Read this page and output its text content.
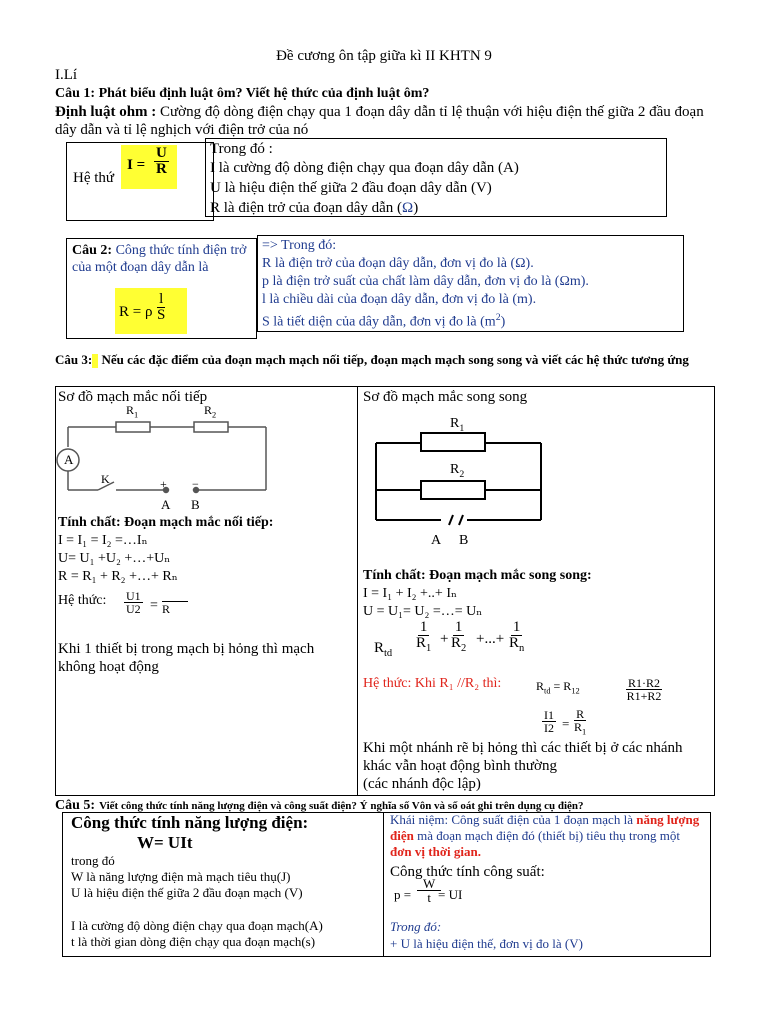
Đề cương ôn tập giữa kì II KHTN 9
I.Lí
Câu 1: Phát biểu định luật ôm? Viết hệ thức của định luật ôm?
Định luật ohm : Cường độ dòng điện chạy qua 1 đoạn dây dẫn tỉ lệ thuận với hiệu điện thế giữa 2 đầu đoạn dây dẫn và tỉ lệ nghịch với điện trở của nó
Hệ thứ
$I = \frac{U}{R}$	Trong đó :
I là cường độ dòng điện chạy qua đoạn dây dẫn (A)
U là hiệu điện thế giữa 2 đầu đoạn dây dẫn (V)
R là điện trở của đoạn dây dẫn (Ω)
Câu 2: Công thức tính điện trở của một đoạn dây dẫn là
R = ρ $\frac{l}{S}$
=> Trong đó:
R là điện trở của đoạn dây dẫn, đơn vị đo là (Ω).
p là điện trở suất của chất làm dây dẫn, đơn vị đo là (Ωm).
l là chiều dài của đoạn dây dẫn, đơn vị đo là (m).
S là tiết diện của dây dẫn, đơn vị đo là $(m^2)$
Câu 3: Nếu các đặc điểm của đoạn mạch mạch nối tiếp, đoạn mạch mạch song song và viết các hệ thức tương ứng
Sơ đồ mạch mắc nối tiếp
$R_1$	$R_2$
A
K	+ −
A B
Tính chất: Đoạn mạch mắc nối tiếp:
I = I₁ = I₂ =…Iₙ
U= U₁ +U₂ +…+Uₙ
R = R₁ + R₂ +…+ Rₙ
Hệ thức: $\frac{U1}{U2} = R$
Khi 1 thiết bị trong mạch bị hỏng thì mạch không hoạt động
Sơ đồ mạch mắc song song
$R_1$
$R_2$
A B
Tính chất: Đoạn mạch mắc song song:
I = I₁ + I₂ +..+ Iₙ
U = U₁= U₂ =…= Uₙ
$R_{td} \frac{1}{R_1} + \frac{1}{R_2}$ +...+ $\frac{1}{R_n}$
Hệ thức: Khi R₁ //R₂ thì:	$R_{td} = R_{12}$	$\frac{R1\cdot R2}{R1+R2}$
$\frac{I1}{I2} = \frac{R}{R_1}$
Khi một nhánh rẽ bị hỏng thì các thiết bị ở các nhánh khác vẫn hoạt động bình thường
(các nhánh độc lập)
Câu 5: Viết công thức tính năng lượng điện và công suất điện? Ý nghĩa số Vôn và số oát ghi trên dụng cụ điện?
Công thức tính năng lượng điện:
W= UIt
trong đó
W là năng lượng điện mà mạch tiêu thụ(J)
U là hiệu điện thế giữa 2 đầu đoạn mạch (V)
I là cường độ dòng điện chạy qua đoạn mạch(A)
t là thời gian dòng điện chạy qua đoạn mạch(s)
Khái niệm: Công suất điện của 1 đoạn mạch là năng lượng điện mà đoạn mạch điện đó (thiết bị) tiêu thụ trong một đơn vị thời gian.
Công thức tính công suất:
$p = \frac{W}{t}$
= UI
Trong đó:
+ U là hiệu điện thế, đơn vị đo là (V)
